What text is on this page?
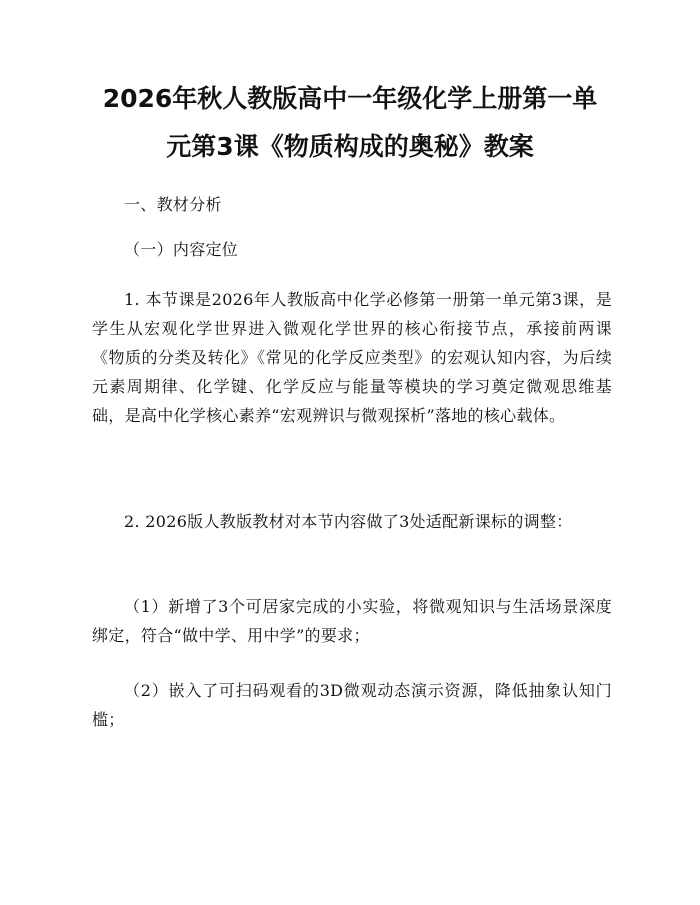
2026年秋人教版高中一年级化学上册第一单
元第3课《物质构成的奥秘》教案

一、教材分析

（一）内容定位

1. 本节课是2026年人教版高中化学必修第一册第一单元第3课，是学生从宏观化学世界进入微观化学世界的核心衔接节点，承接前两课《物质的分类及转化》《常见的化学反应类型》的宏观认知内容，为后续元素周期律、化学键、化学反应与能量等模块的学习奠定微观思维基础，是高中化学核心素养“宏观辨识与微观探析”落地的核心载体。

2. 2026版人教版教材对本节内容做了3处适配新课标的调整：

（1）新增了3个可居家完成的小实验，将微观知识与生活场景深度绑定，符合“做中学、用中学”的要求；

（2）嵌入了可扫码观看的3D微观动态演示资源，降低抽象认知门槛；
